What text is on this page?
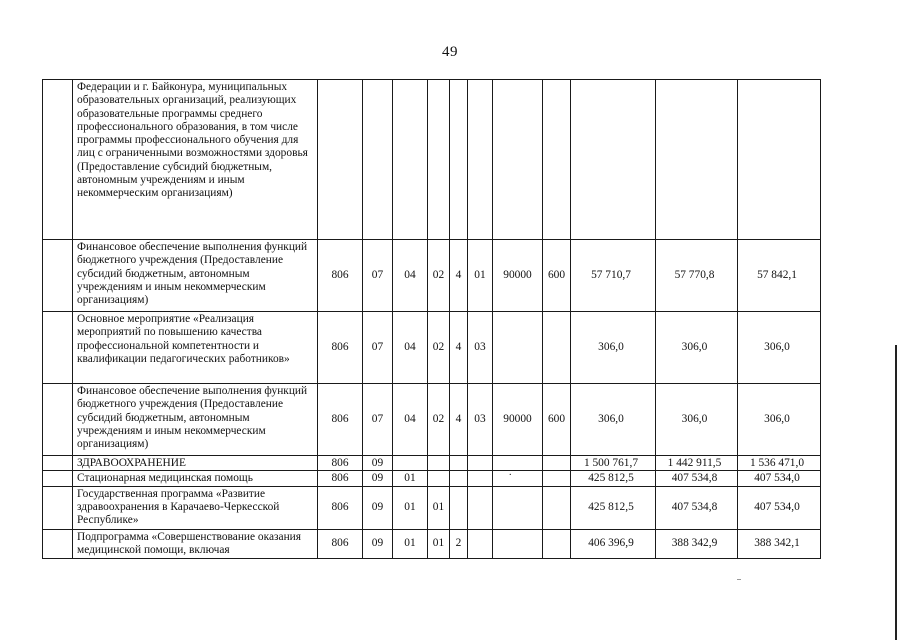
49
	Федерации и г. Байконура, муниципальных образовательных организаций, реализующих образовательные программы среднего профессионального образования, в том числе программы профессионального обучения для лиц с ограниченными возможностями здоровья (Предоставление субсидий бюджетным, автономным учреждениям и иным некоммерческим организациям)											
	Финансовое обеспечение выполнения функций бюджетного учреждения (Предоставление субсидий бюджетным, автономным учреждениям и иным некоммерческим организациям)	806	07	04	02	4	01	90000	600	57 710,7	57 770,8	57 842,1
	Основное мероприятие «Реализация мероприятий по повышению качества профессиональной компетентности и квалификации педагогических работников»	806	07	04	02	4	03			306,0	306,0	306,0
	Финансовое обеспечение выполнения функций бюджетного учреждения (Предоставление субсидий бюджетным, автономным учреждениям и иным некоммерческим организациям)	806	07	04	02	4	03	90000	600	306,0	306,0	306,0
	ЗДРАВООХРАНЕНИЕ	806	09							1 500 761,7	1 442 911,5	1 536 471,0
	Стационарная медицинская помощь	806	09	01						425 812,5	407 534,8	407 534,0
	Государственная программа «Развитие здравоохранения в Карачаево-Черкесской Республике»	806	09	01	01					425 812,5	407 534,8	407 534,0
	Подпрограмма «Совершенствование оказания медицинской помощи, включая	806	09	01	01	2				406 396,9	388 342,9	388 342,1
.
